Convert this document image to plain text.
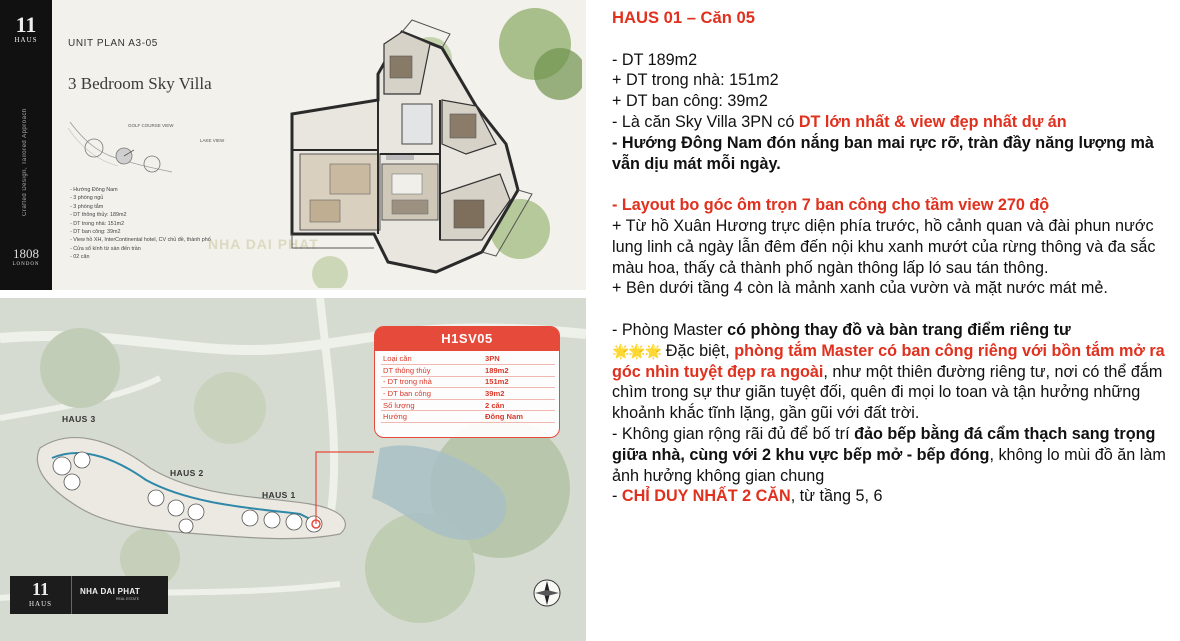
11
HAUS
Crafted Design, Tailored Approach
1808
LONDON
UNIT PLAN A3-05
3 Bedroom Sky Villa
GOLF COURSE VIEW
LAKE VIEW
- Hướng Đông Nam
- 3 phòng ngủ
- 3 phòng tắm
- DT thông thủy: 189m2
- DT trong nhà: 151m2
- DT ban công: 39m2
- View hồ XH, InterContinental hotel, CV chủ đề, thành phố
- Cửa sổ kính từ sàn đến trần
- 02 căn
NHA DAI PHAT
HAUS 3
HAUS 2
HAUS 1
H1SV05
Loại căn	3PN
DT thông thủy	189m2
- DT trong nhà	151m2
- DT ban công	39m2
Số lượng	2 căn
Hướng	Đông Nam
11
HAUS
NHA DAI PHAT
REAL ESTATE

HAUS 01 – Căn 05

- DT 189m2

+ DT trong nhà: 151m2

+ DT ban công: 39m2

- Là căn Sky Villa 3PN có DT lớn nhất & view đẹp nhất dự án

- Hướng Đông Nam đón nắng ban mai rực rỡ, tràn đầy năng lượng mà vẫn dịu mát mỗi ngày.

- Layout bo góc ôm trọn 7 ban công cho tầm view 270 độ

+ Từ hồ Xuân Hương trực diện phía trước, hồ cảnh quan và đài phun nước lung linh cả ngày lẫn đêm đến nội khu xanh mướt của rừng thông và đa sắc màu hoa, thấy cả thành phố ngàn thông lấp ló sau tán thông.

+ Bên dưới tầng 4 còn là mảnh xanh của vườn và mặt nước mát mẻ.

- Phòng Master có phòng thay đồ và bàn trang điểm riêng tư
🌟🌟🌟 Đặc biệt, phòng tắm Master có ban công riêng với bồn tắm mở ra góc nhìn tuyệt đẹp ra ngoài, như một thiên đường riêng tư, nơi có thể đắm chìm trong sự thư giãn tuyệt đối, quên đi mọi lo toan và tận hưởng những khoảnh khắc tĩnh lặng, gần gũi với đất trời.

- Không gian rộng rãi đủ để bố trí đảo bếp bằng đá cẩm thạch sang trọng giữa nhà, cùng với 2 khu vực bếp mở - bếp đóng, không lo mùi đồ ăn làm ảnh hưởng không gian chung

- CHỈ DUY NHẤT 2 CĂN, từ tầng 5, 6
